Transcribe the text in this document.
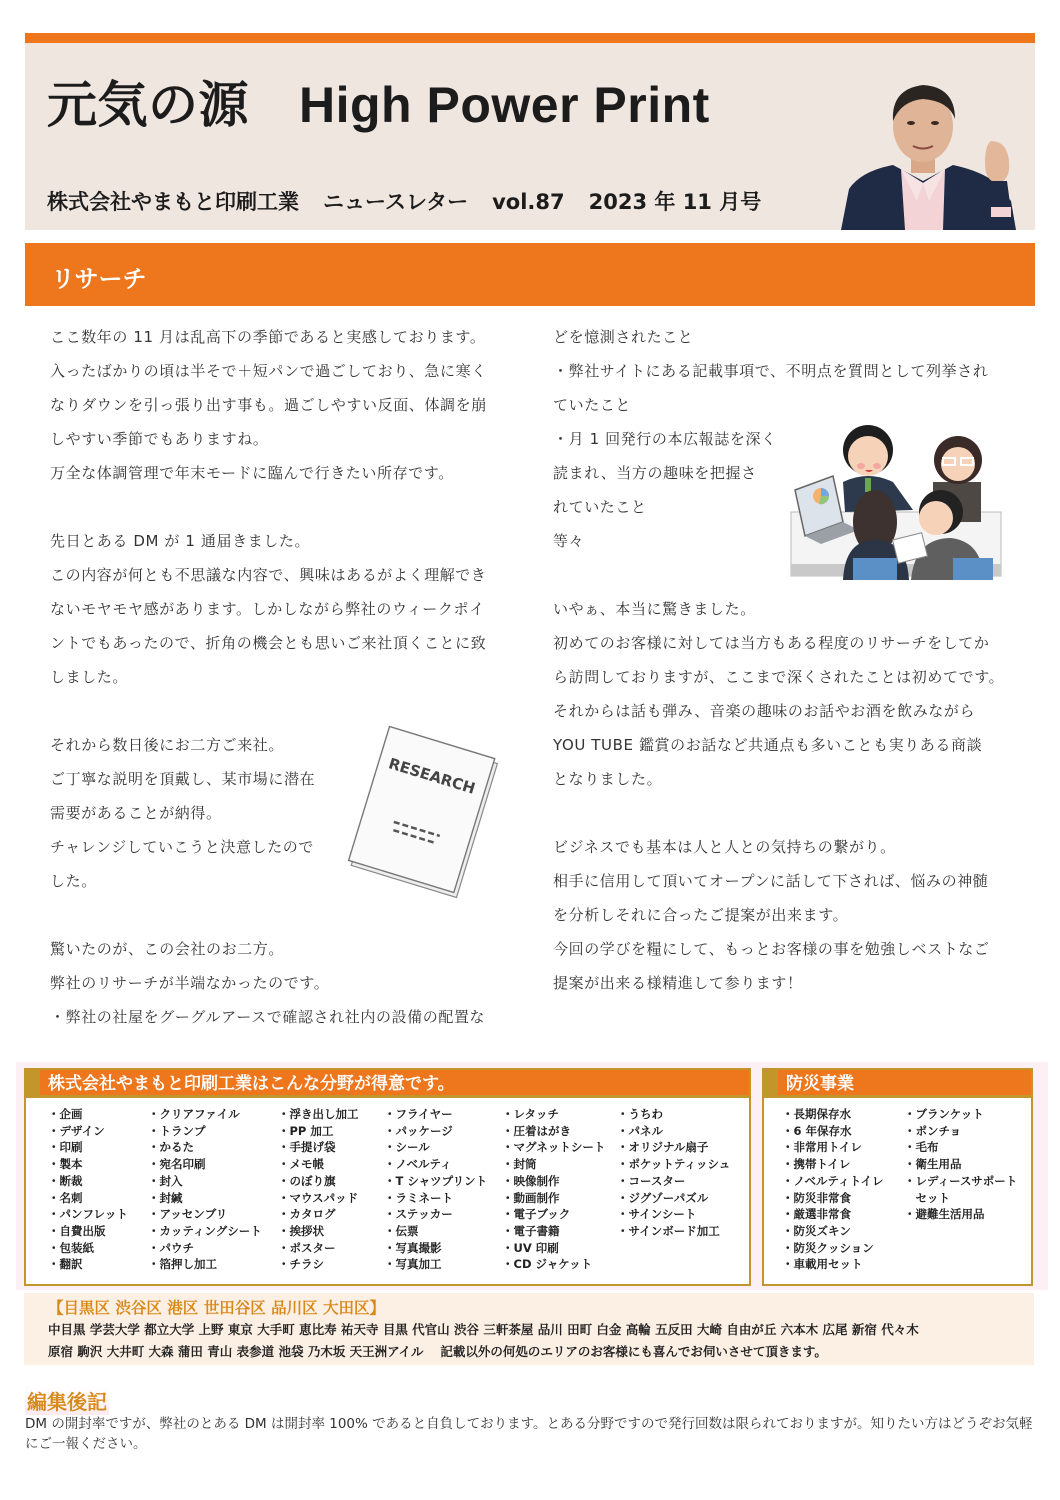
元気の源 High Power Print
株式会社やまもと印刷工業 ニュースレター vol.87 2023 年 11 月号
リサーチ

ここ数年の 11 月は乱高下の季節であると実感しております。

入ったばかりの頃は半そで＋短パンで過ごしており、急に寒く

なりダウンを引っ張り出す事も。過ごしやすい反面、体調を崩

しやすい季節でもありますね。

万全な体調管理で年末モードに臨んで行きたい所存です。

先日とある DM が 1 通届きました。

この内容が何とも不思議な内容で、興味はあるがよく理解でき

ないモヤモヤ感があります。しかしながら弊社のウィークポイ

ントでもあったので、折角の機会とも思いご来社頂くことに致

しました。

それから数日後にお二方ご来社。

ご丁寧な説明を頂戴し、某市場に潜在

需要があることが納得。

チャレンジしていこうと決意したので

した。

驚いたのが、この会社のお二方。

弊社のリサーチが半端なかったのです。

・弊社の社屋をグーグルアースで確認され社内の設備の配置な

RESEARCH

どを憶測されたこと

・弊社サイトにある記載事項で、不明点を質問として列挙され

ていたこと

・月 1 回発行の本広報誌を深く

読まれ、当方の趣味を把握さ

れていたこと

等々

いやぁ、本当に驚きました。

初めてのお客様に対しては当方もある程度のリサーチをしてか

ら訪問しておりますが、ここまで深くされたことは初めてです。

それからは話も弾み、音楽の趣味のお話やお酒を飲みながら

YOU TUBE 鑑賞のお話など共通点も多いことも実りある商談

となりました。

ビジネスでも基本は人と人との気持ちの繋がり。

相手に信用して頂いてオープンに話して下されば、悩みの神髄

を分析しそれに合ったご提案が出来ます。

今回の学びを糧にして、もっとお客様の事を勉強しベストなご

提案が出来る様精進して参ります！

株式会社やまもと印刷工業はこんな分野が得意です。
・企画
・デザイン
・印刷
・製本
・断裁
・名刺
・パンフレット
・自費出版
・包装紙
・翻訳
・クリアファイル
・トランプ
・かるた
・宛名印刷
・封入
・封緘
・アッセンブリ
・カッティングシート
・パウチ
・箔押し加工
・浮き出し加工
・PP 加工
・手提げ袋
・メモ帳
・のぼり旗
・マウスパッド
・カタログ
・挨拶状
・ポスター
・チラシ
・フライヤー
・パッケージ
・シール
・ノベルティ
・T シャツプリント
・ラミネート
・ステッカー
・伝票
・写真撮影
・写真加工
・レタッチ
・圧着はがき
・マグネットシート
・封筒
・映像制作
・動画制作
・電子ブック
・電子書籍
・UV 印刷
・CD ジャケット
・うちわ
・パネル
・オリジナル扇子
・ポケットティッシュ
・コースター
・ジグゾーパズル
・サインシート
・サインボード加工
防災事業
・長期保存水
・6 年保存水
・非常用トイレ
・携帯トイレ
・ノベルティトイレ
・防災非常食
・厳選非常食
・防災ズキン
・防災クッション
・車載用セット
・ブランケット
・ポンチョ
・毛布
・衛生用品
・レディースサポート
　セット
・避難生活用品
【目黒区 渋谷区 港区 世田谷区 品川区 大田区】
中目黒 学芸大学 都立大学 上野 東京 大手町 恵比寿 祐天寺 目黒 代官山 渋谷 三軒茶屋 品川 田町 白金 高輪 五反田 大崎 自由が丘 六本木 広尾 新宿 代々木
原宿 駒沢 大井町 大森 蒲田 青山 表参道 池袋 乃木坂 天王洲アイル　 記載以外の何処のエリアのお客様にも喜んでお伺いさせて頂きます。
編集後記
DM の開封率ですが、弊社のとある DM は開封率 100% であると自負しております。とある分野ですので発行回数は限られておりますが。知りたい方はどうぞお気軽にご一報ください。
